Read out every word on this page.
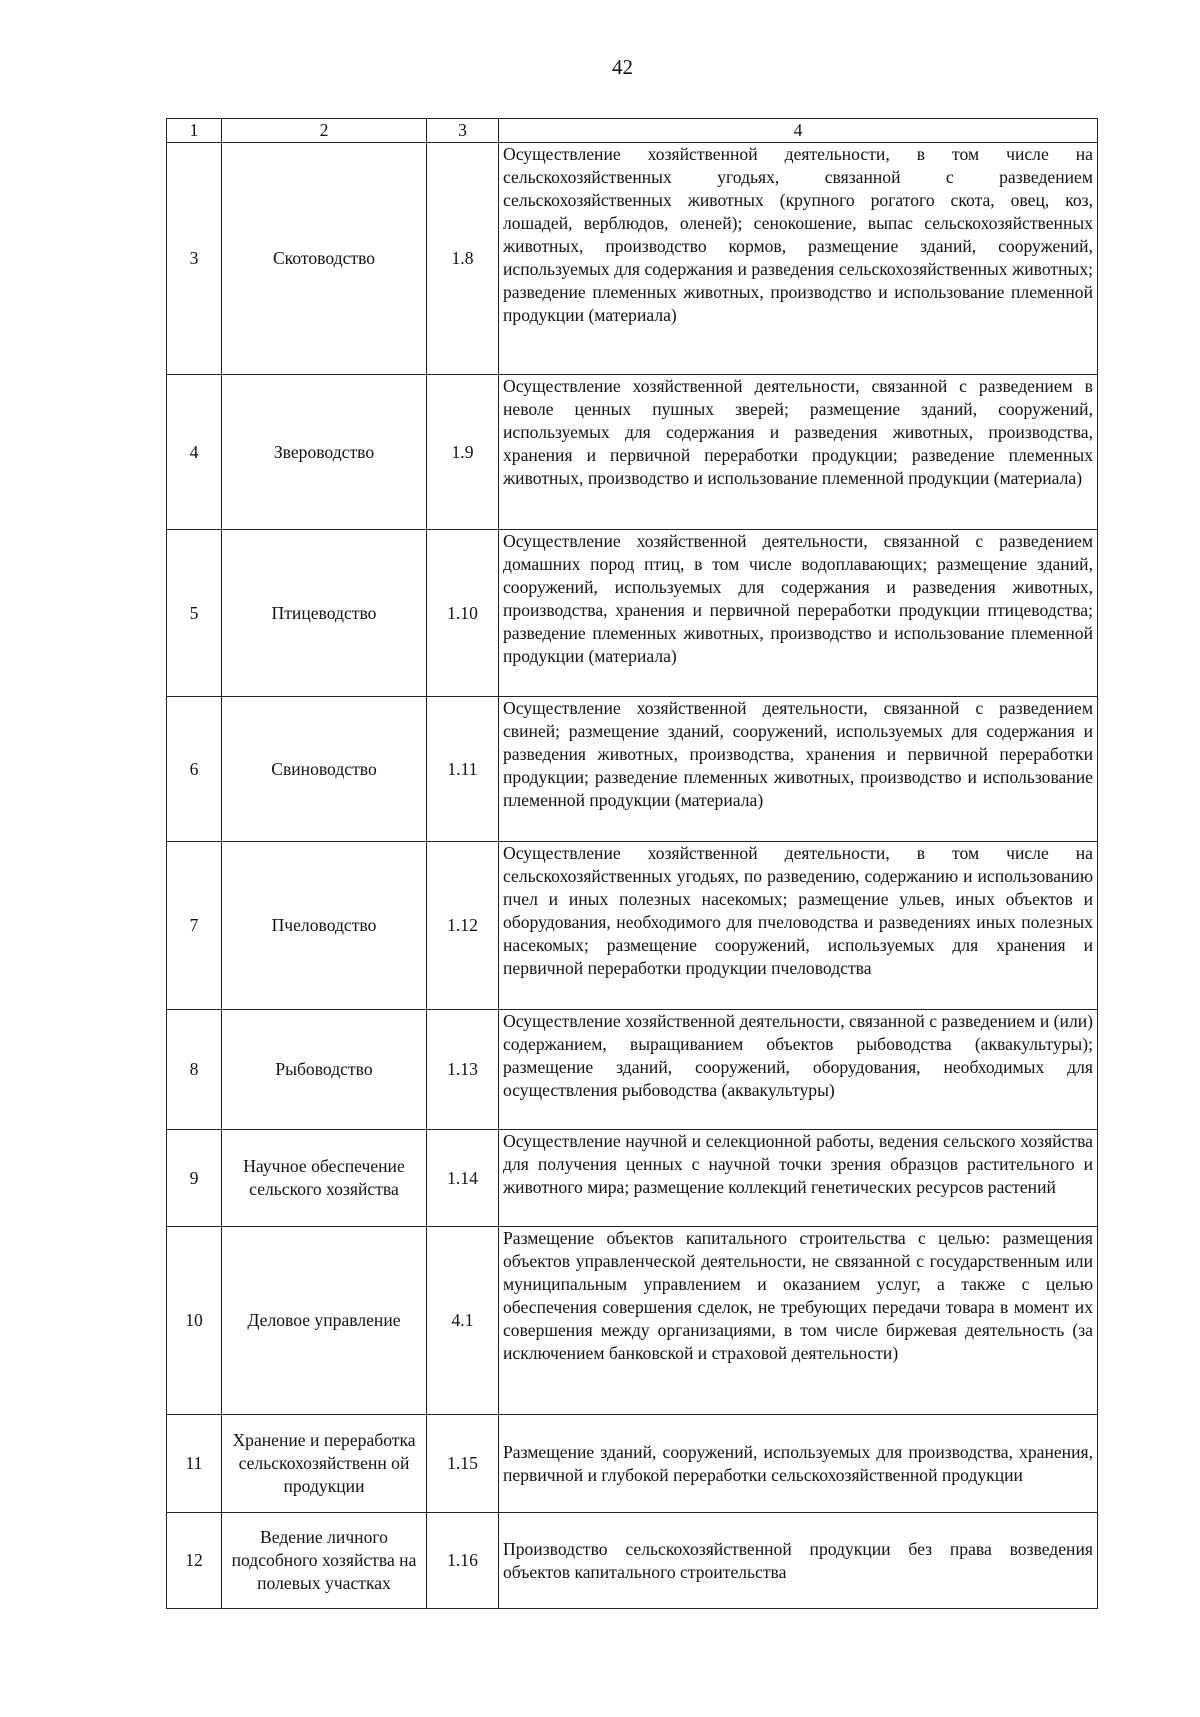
42
1	2	3	4
3	Скотоводство	1.8	Осуществление хозяйственной деятельности, в том числе на сельскохозяйственных угодьях, связанной с разведением сельскохозяйственных животных (крупного рогатого скота, овец, коз, лошадей, верблюдов, оленей); сенокошение, выпас сельскохозяйственных животных, производство кормов, размещение зданий, сооружений, используемых для содержания и разведения сельскохозяйственных животных; разведение племенных животных, производство и использование племенной продукции (материала)
4	Звероводство	1.9	Осуществление хозяйственной деятельности, связанной с разведением в неволе ценных пушных зверей; размещение зданий, сооружений, используемых для содержания и разведения животных, производства, хранения и первичной переработки продукции; разведение племенных животных, производство и использование племенной продукции (материала)
5	Птицеводство	1.10	Осуществление хозяйственной деятельности, связанной с разведением домашних пород птиц, в том числе водоплавающих; размещение зданий, сооружений, используемых для содержания и разведения животных, производства, хранения и первичной переработки продукции птицеводства; разведение племенных животных, производство и использование племенной продукции (материала)
6	Свиноводство	1.11	Осуществление хозяйственной деятельности, связанной с разведением свиней; размещение зданий, сооружений, используемых для содержания и разведения животных, производства, хранения и первичной переработки продукции; разведение племенных животных, производство и использование племенной продукции (материала)
7	Пчеловодство	1.12	Осуществление хозяйственной деятельности, в том числе на сельскохозяйственных угодьях, по разведению, содержанию и использованию пчел и иных полезных насекомых; размещение ульев, иных объектов и оборудования, необходимого для пчеловодства и разведениях иных полезных насекомых; размещение сооружений, используемых для хранения и первичной переработки продукции пчеловодства
8	Рыбоводство	1.13	Осуществление хозяйственной деятельности, связанной с разведением и (или) содержанием, выращиванием объектов рыбоводства (аквакультуры); размещение зданий, сооружений, оборудования, необходимых для осуществления рыбоводства (аквакультуры)
9	Научное обеспечение сельского хозяйства	1.14	Осуществление научной и селекционной работы, ведения сельского хозяйства для получения ценных с научной точки зрения образцов растительного и животного мира; размещение коллекций генетических ресурсов растений
10	Деловое управление	4.1	Размещение объектов капитального строительства с целью: размещения объектов управленческой деятельности, не связанной с государственным или муниципальным управлением и оказанием услуг, а также с целью обеспечения совершения сделок, не требующих передачи товара в момент их совершения между организациями, в том числе биржевая деятельность (за исключением банковской и страховой деятельности)
11	Хранение и переработка сельскохозяйственн ой продукции	1.15	Размещение зданий, сооружений, используемых для производства, хранения, первичной и глубокой переработки сельскохозяйственной продукции
12	Ведение личного подсобного хозяйства на полевых участках	1.16	Производство сельскохозяйственной продукции без права возведения объектов капитального строительства
